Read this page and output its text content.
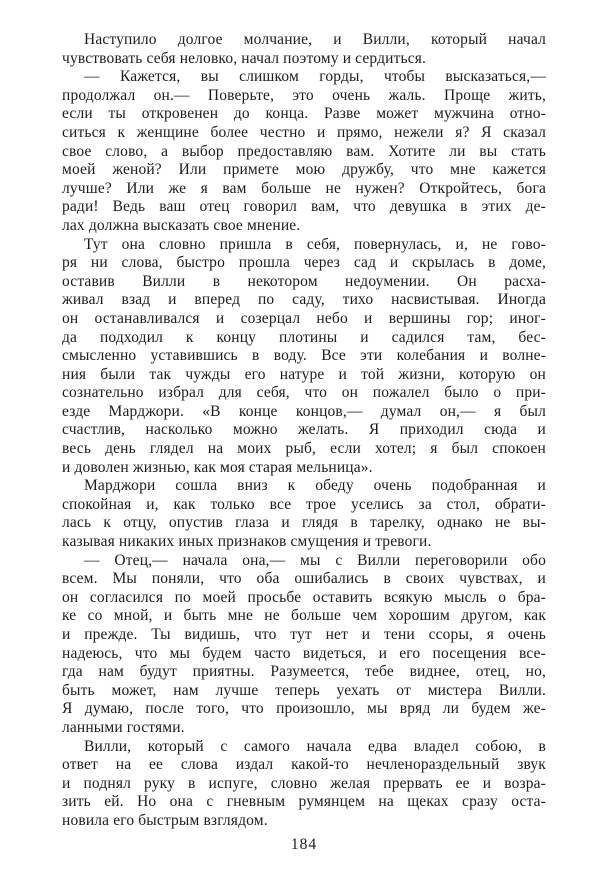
Наступило долгое молчание, и Вилли, который начал
чувствовать себя неловко, начал поэтому и сердиться.
— Кажется, вы слишком горды, чтобы высказаться,—
продолжал он.— Поверьте, это очень жаль. Проще жить,
если ты откровенен до конца. Разве может мужчина отно-
ситься к женщине более честно и прямо, нежели я? Я сказал
свое слово, а выбор предоставляю вам. Хотите ли вы стать
моей женой? Или примете мою дружбу, что мне кажется
лучше? Или же я вам больше не нужен? Откройтесь, бога
ради! Ведь ваш отец говорил вам, что девушка в этих де-
лах должна высказать свое мнение.
Тут она словно пришла в себя, повернулась, и, не гово-
ря ни слова, быстро прошла через сад и скрылась в доме,
оставив Вилли в некотором недоумении. Он расха-
живал взад и вперед по саду, тихо насвистывая. Иногда
он останавливался и созерцал небо и вершины гор; иног-
да подходил к концу плотины и садился там, бес-
смысленно уставившись в воду. Все эти колебания и волне-
ния были так чужды его натуре и той жизни, которую он
сознательно избрал для себя, что он пожалел было о при-
езде Марджори. «В конце концов,— думал он,— я был
счастлив, насколько можно желать. Я приходил сюда и
весь день глядел на моих рыб, если хотел; я был спокоен
и доволен жизнью, как моя старая мельница».
Марджори сошла вниз к обеду очень подобранная и
спокойная и, как только все трое уселись за стол, обрати-
лась к отцу, опустив глаза и глядя в тарелку, однако не вы-
казывая никаких иных признаков смущения и тревоги.
— Отец,— начала она,— мы с Вилли переговорили обо
всем. Мы поняли, что оба ошибались в своих чувствах, и
он согласился по моей просьбе оставить всякую мысль о бра-
ке со мной, и быть мне не больше чем хорошим другом, как
и прежде. Ты видишь, что тут нет и тени ссоры, я очень
надеюсь, что мы будем часто видеться, и его посещения все-
гда нам будут приятны. Разумеется, тебе виднее, отец, но,
быть может, нам лучше теперь уехать от мистера Вилли.
Я думаю, после того, что произошло, мы вряд ли будем же-
ланными гостями.
Вилли, который с самого начала едва владел собою, в
ответ на ее слова издал какой-то нечленораздельный звук
и поднял руку в испуге, словно желая прервать ее и возра-
зить ей. Но она с гневным румянцем на щеках сразу оста-
новила его быстрым взглядом.
184
